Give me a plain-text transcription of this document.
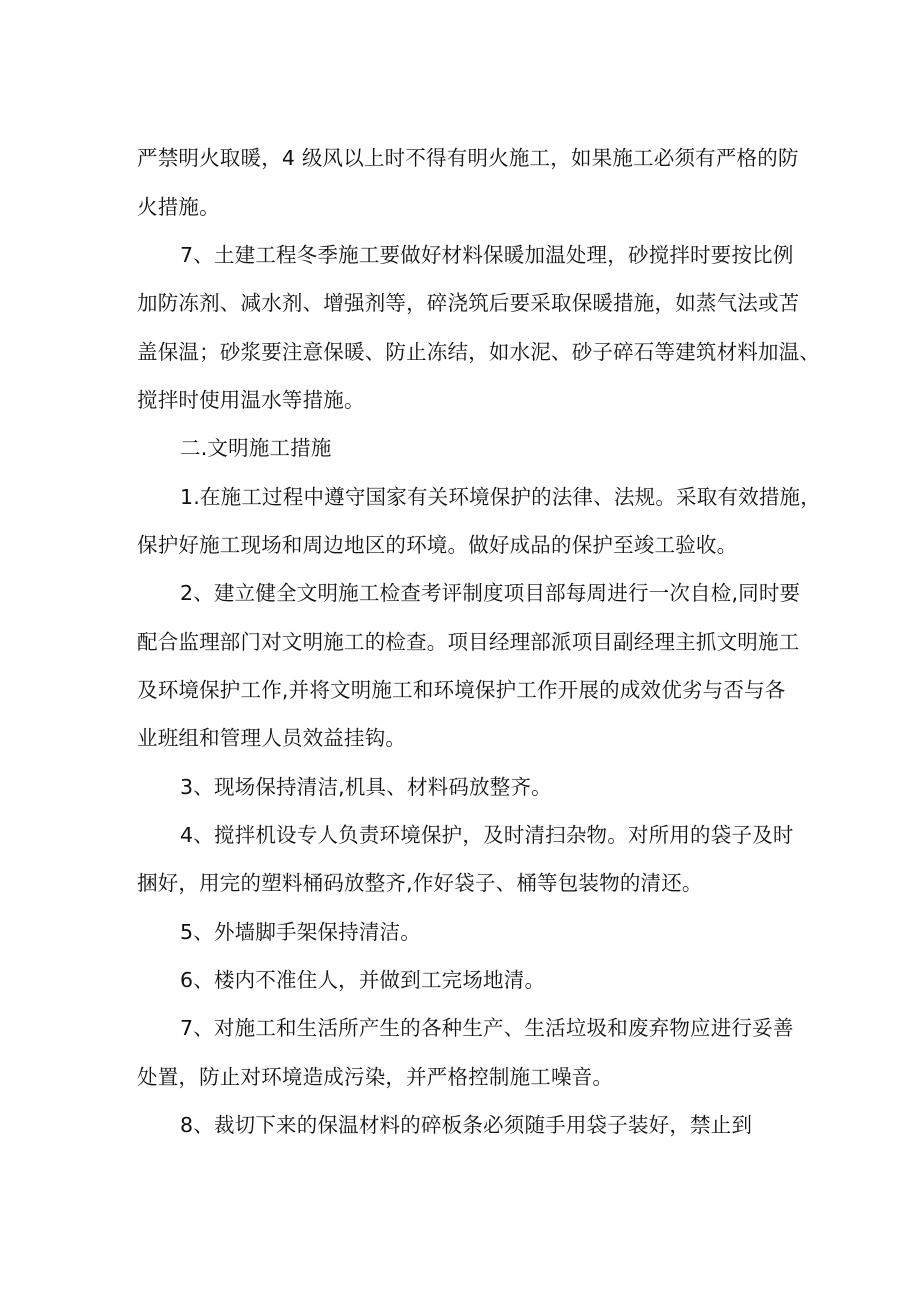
严禁明火取暖，4 级风以上时不得有明火施工，如果施工必须有严格的防

火措施。

7、土建工程冬季施工要做好材料保暖加温处理，砂搅拌时要按比例

加防冻剂、减水剂、增强剂等，碎浇筑后要采取保暖措施，如蒸气法或苫

盖保温；砂浆要注意保暖、防止冻结，如水泥、砂子碎石等建筑材料加温、

搅拌时使用温水等措施。

二.文明施工措施

1.在施工过程中遵守国家有关环境保护的法律、法规。采取有效措施，

保护好施工现场和周边地区的环境。做好成品的保护至竣工验收。

2、建立健全文明施工检查考评制度项目部每周进行一次自检,同时要

配合监理部门对文明施工的检查。项目经理部派项目副经理主抓文明施工

及环境保护工作,并将文明施工和环境保护工作开展的成效优劣与否与各

业班组和管理人员效益挂钩。

3、现场保持清洁,机具、材料码放整齐。

4、搅拌机设专人负责环境保护，及时清扫杂物。对所用的袋子及时

捆好，用完的塑料桶码放整齐,作好袋子、桶等包装物的清还。

5、外墙脚手架保持清洁。

6、楼内不准住人，并做到工完场地清。

7、对施工和生活所产生的各种生产、生活垃圾和废弃物应进行妥善

处置，防止对环境造成污染，并严格控制施工噪音。

8、裁切下来的保温材料的碎板条必须随手用袋子装好，禁止到
